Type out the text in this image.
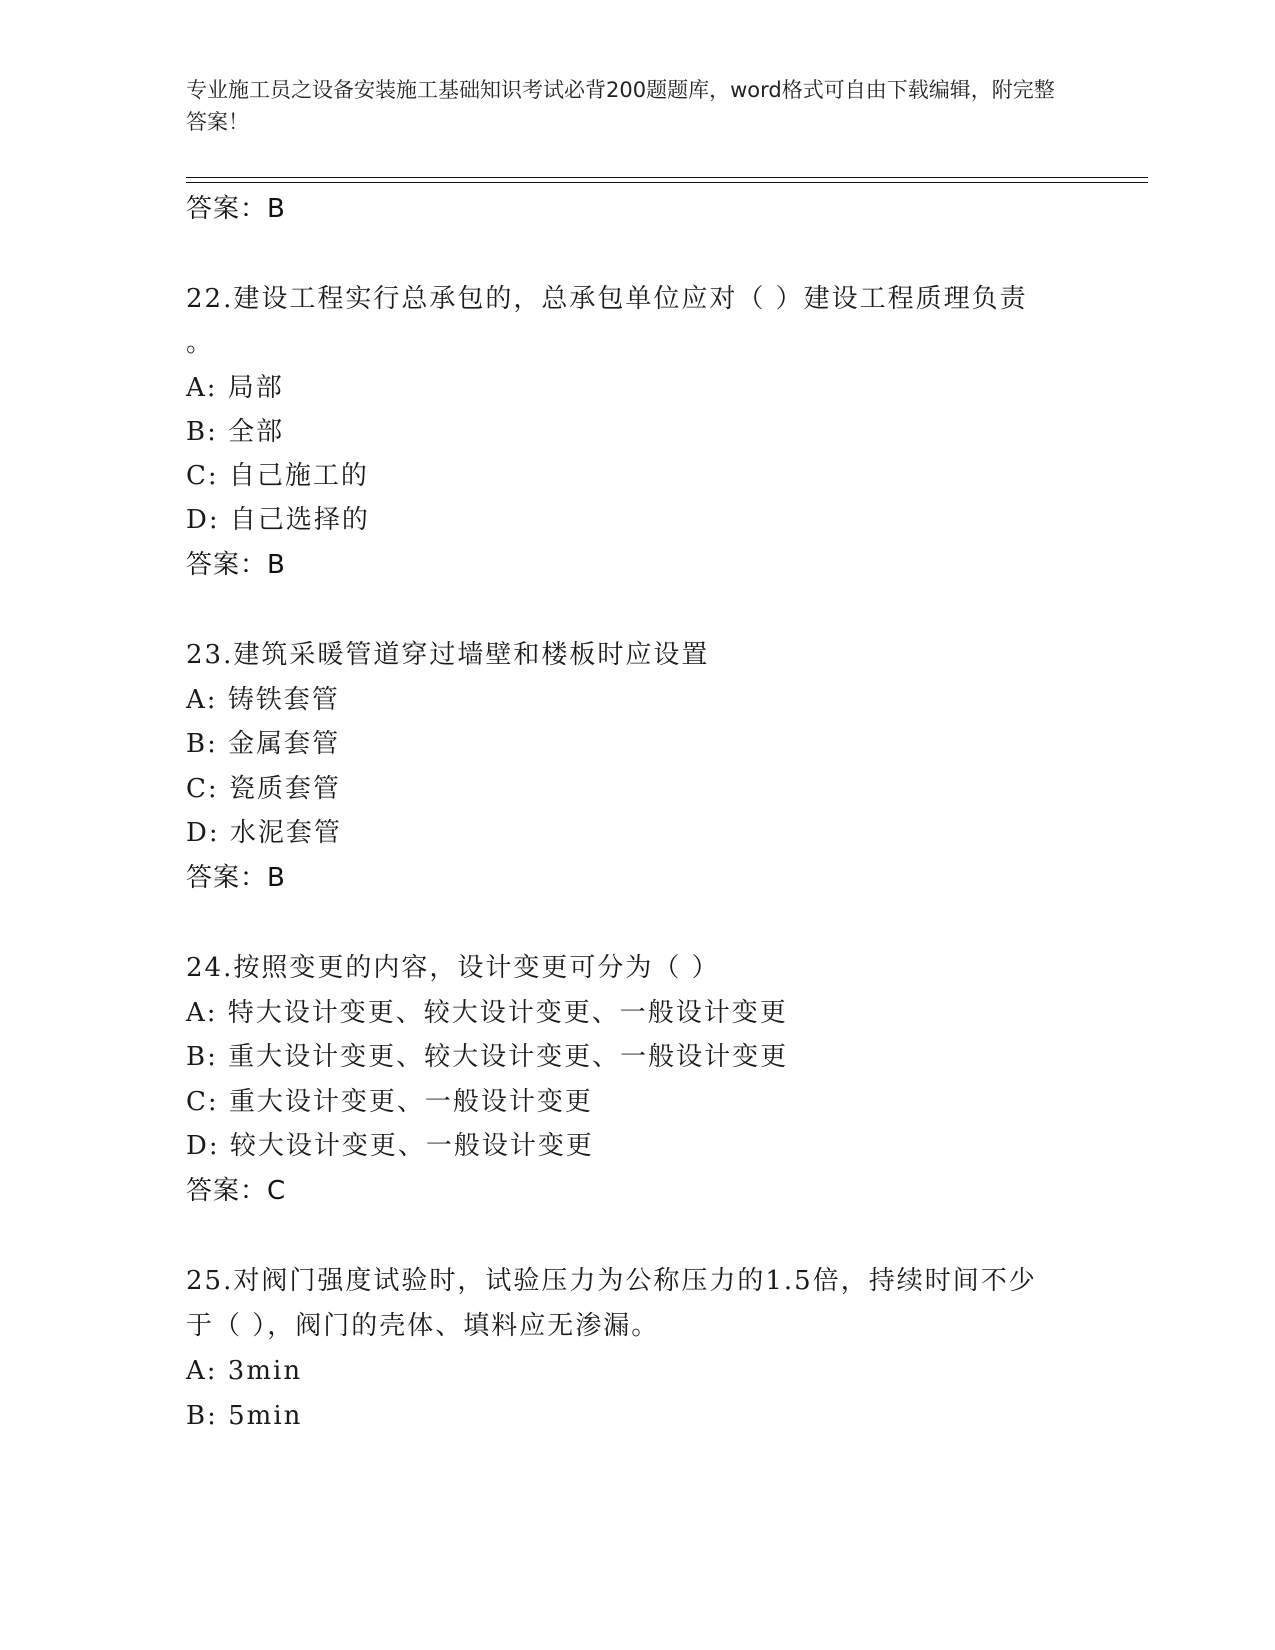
专业施工员之设备安装施工基础知识考试必背200题题库，word格式可自由下载编辑，附完整答案！
答案：B
22.建设工程实行总承包的，总承包单位应对（ ）建设工程质理负责
。
A: 局部
B: 全部
C: 自己施工的
D: 自己选择的
答案：B
23.建筑采暖管道穿过墙壁和楼板时应设置
A: 铸铁套管
B: 金属套管
C: 瓷质套管
D: 水泥套管
答案：B
24.按照变更的内容，设计变更可分为（ ）
A: 特大设计变更、较大设计变更、一般设计变更
B: 重大设计变更、较大设计变更、一般设计变更
C: 重大设计变更、一般设计变更
D: 较大设计变更、一般设计变更
答案：C
25.对阀门强度试验时，试验压力为公称压力的1.5倍，持续时间不少
于（ ），阀门的壳体、填料应无渗漏。
A: 3min
B: 5min
